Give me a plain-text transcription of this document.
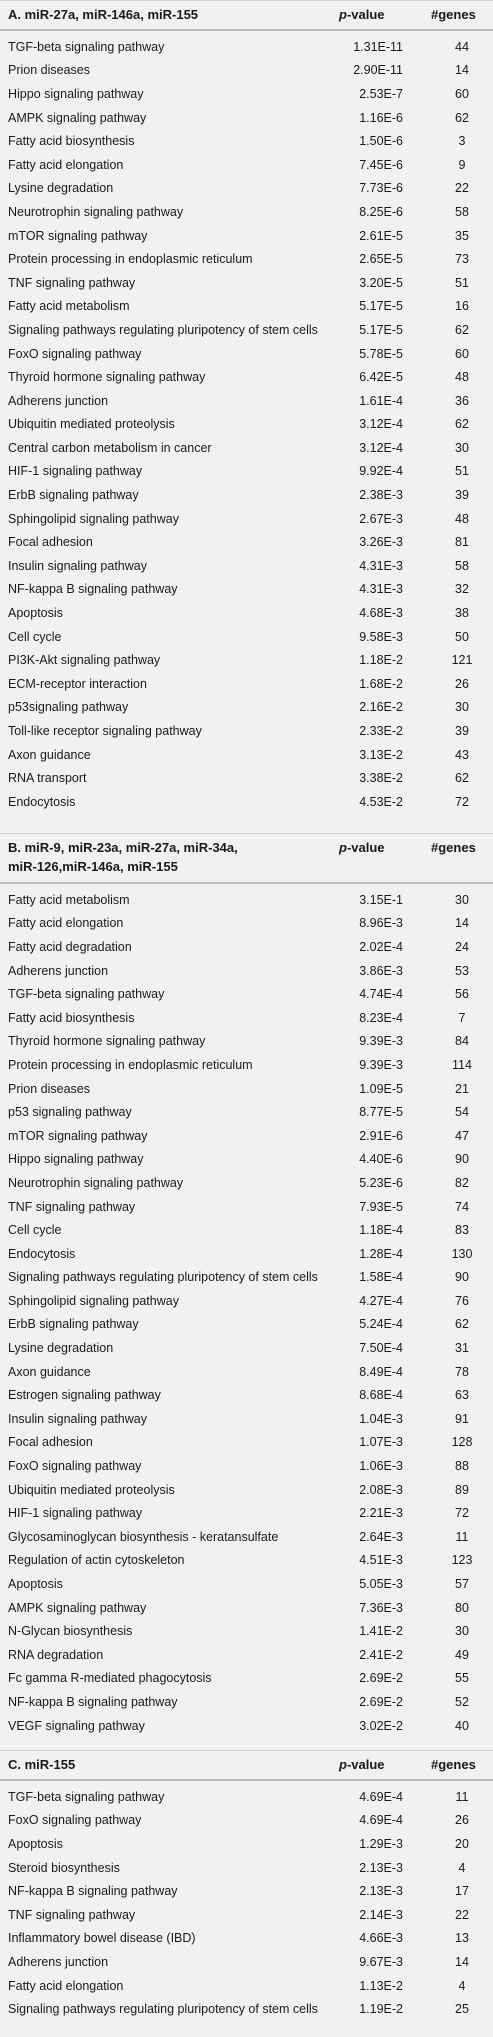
A. miR-27a, miR-146a, miR-155	p-value	#genes
TGF-beta signaling pathway	1.31E-11	44
Prion diseases	2.90E-11	14
Hippo signaling pathway	2.53E-7	60
AMPK signaling pathway	1.16E-6	62
Fatty acid biosynthesis	1.50E-6	3
Fatty acid elongation	7.45E-6	9
Lysine degradation	7.73E-6	22
Neurotrophin signaling pathway	8.25E-6	58
mTOR signaling pathway	2.61E-5	35
Protein processing in endoplasmic reticulum	2.65E-5	73
TNF signaling pathway	3.20E-5	51
Fatty acid metabolism	5.17E-5	16
Signaling pathways regulating pluripotency of stem cells	5.17E-5	62
FoxO signaling pathway	5.78E-5	60
Thyroid hormone signaling pathway	6.42E-5	48
Adherens junction	1.61E-4	36
Ubiquitin mediated proteolysis	3.12E-4	62
Central carbon metabolism in cancer	3.12E-4	30
HIF-1 signaling pathway	9.92E-4	51
ErbB signaling pathway	2.38E-3	39
Sphingolipid signaling pathway	2.67E-3	48
Focal adhesion	3.26E-3	81
Insulin signaling pathway	4.31E-3	58
NF-kappa B signaling pathway	4.31E-3	32
Apoptosis	4.68E-3	38
Cell cycle	9.58E-3	50
PI3K-Akt signaling pathway	1.18E-2	121
ECM-receptor interaction	1.68E-2	26
p53signaling pathway	2.16E-2	30
Toll-like receptor signaling pathway	2.33E-2	39
Axon guidance	3.13E-2	43
RNA transport	3.38E-2	62
Endocytosis	4.53E-2	72
B. miR-9, miR-23a, miR-27a, miR-34a,
miR-126,miR-146a, miR-155
p-value	#genes
Fatty acid metabolism	3.15E-1	30
Fatty acid elongation	8.96E-3	14
Fatty acid degradation	2.02E-4	24
Adherens junction	3.86E-3	53
TGF-beta signaling pathway	4.74E-4	56
Fatty acid biosynthesis	8.23E-4	7
Thyroid hormone signaling pathway	9.39E-3	84
Protein processing in endoplasmic reticulum	9.39E-3	114
Prion diseases	1.09E-5	21
p53 signaling pathway	8.77E-5	54
mTOR signaling pathway	2.91E-6	47
Hippo signaling pathway	4.40E-6	90
Neurotrophin signaling pathway	5.23E-6	82
TNF signaling pathway	7.93E-5	74
Cell cycle	1.18E-4	83
Endocytosis	1.28E-4	130
Signaling pathways regulating pluripotency of stem cells	1.58E-4	90
Sphingolipid signaling pathway	4.27E-4	76
ErbB signaling pathway	5.24E-4	62
Lysine degradation	7.50E-4	31
Axon guidance	8.49E-4	78
Estrogen signaling pathway	8.68E-4	63
Insulin signaling pathway	1.04E-3	91
Focal adhesion	1.07E-3	128
FoxO signaling pathway	1.06E-3	88
Ubiquitin mediated proteolysis	2.08E-3	89
HIF-1 signaling pathway	2.21E-3	72
Glycosaminoglycan biosynthesis - keratansulfate	2.64E-3	11
Regulation of actin cytoskeleton	4.51E-3	123
Apoptosis	5.05E-3	57
AMPK signaling pathway	7.36E-3	80
N-Glycan biosynthesis	1.41E-2	30
RNA degradation	2.41E-2	49
Fc gamma R-mediated phagocytosis	2.69E-2	55
NF-kappa B signaling pathway	2.69E-2	52
VEGF signaling pathway	3.02E-2	40
C. miR-155	p-value	#genes
TGF-beta signaling pathway	4.69E-4	11
FoxO signaling pathway	4.69E-4	26
Apoptosis	1.29E-3	20
Steroid biosynthesis	2.13E-3	4
NF-kappa B signaling pathway	2.13E-3	17
TNF signaling pathway	2.14E-3	22
Inflammatory bowel disease (IBD)	4.66E-3	13
Adherens junction	9.67E-3	14
Fatty acid elongation	1.13E-2	4
Signaling pathways regulating pluripotency of stem cells	1.19E-2	25
